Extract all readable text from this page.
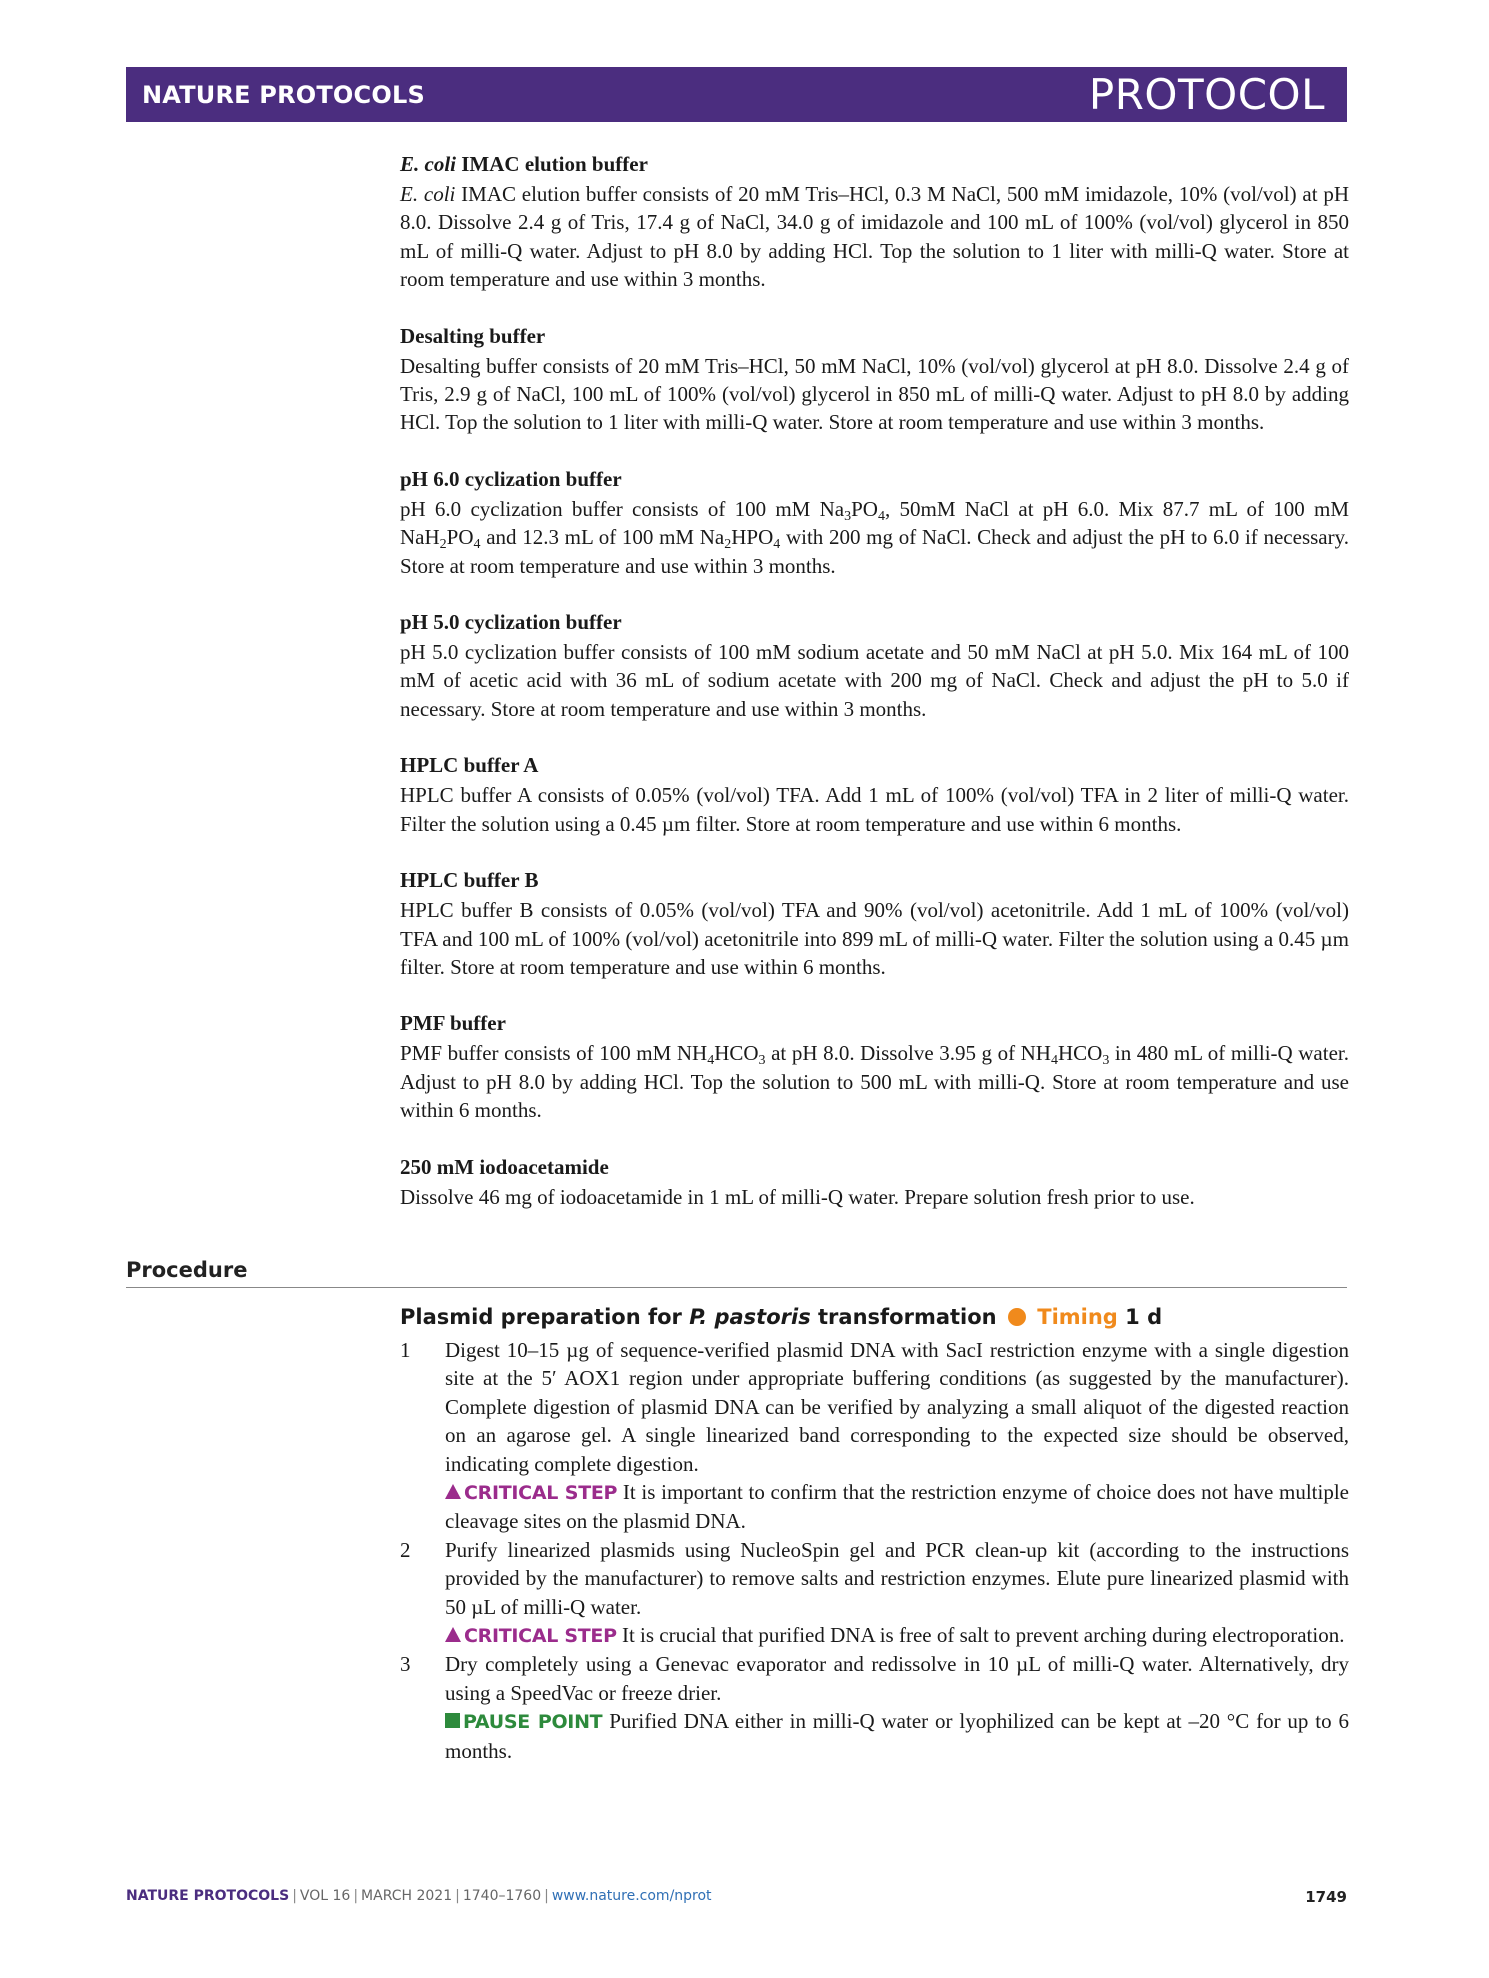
NATURE PROTOCOLS	PROTOCOL
E. coli IMAC elution buffer

E. coli IMAC elution buffer consists of 20 mM Tris–HCl, 0.3 M NaCl, 500 mM imidazole, 10% (vol/vol) at pH 8.0. Dissolve 2.4 g of Tris, 17.4 g of NaCl, 34.0 g of imidazole and 100 mL of 100% (vol/vol) glycerol in 850 mL of milli-Q water. Adjust to pH 8.0 by adding HCl. Top the solution to 1 liter with milli-Q water. Store at room temperature and use within 3 months.

Desalting buffer

Desalting buffer consists of 20 mM Tris–HCl, 50 mM NaCl, 10% (vol/vol) glycerol at pH 8.0. Dissolve 2.4 g of Tris, 2.9 g of NaCl, 100 mL of 100% (vol/vol) glycerol in 850 mL of milli-Q water. Adjust to pH 8.0 by adding HCl. Top the solution to 1 liter with milli-Q water. Store at room temperature and use within 3 months.

pH 6.0 cyclization buffer

pH 6.0 cyclization buffer consists of 100 mM $Na_3PO_4$, 50mM NaCl at pH 6.0. Mix 87.7 mL of 100 mM $NaH_2PO_4$ and 12.3 mL of 100 mM $Na_2HPO_4$ with 200 mg of NaCl. Check and adjust the pH to 6.0 if necessary. Store at room temperature and use within 3 months.

pH 5.0 cyclization buffer

pH 5.0 cyclization buffer consists of 100 mM sodium acetate and 50 mM NaCl at pH 5.0. Mix 164 mL of 100 mM of acetic acid with 36 mL of sodium acetate with 200 mg of NaCl. Check and adjust the pH to 5.0 if necessary. Store at room temperature and use within 3 months.

HPLC buffer A

HPLC buffer A consists of 0.05% (vol/vol) TFA. Add 1 mL of 100% (vol/vol) TFA in 2 liter of milli-Q water. Filter the solution using a 0.45 µm filter. Store at room temperature and use within 6 months.

HPLC buffer B

HPLC buffer B consists of 0.05% (vol/vol) TFA and 90% (vol/vol) acetonitrile. Add 1 mL of 100% (vol/vol) TFA and 100 mL of 100% (vol/vol) acetonitrile into 899 mL of milli-Q water. Filter the solution using a 0.45 µm filter. Store at room temperature and use within 6 months.

PMF buffer

PMF buffer consists of 100 mM $NH_4HCO_3$ at pH 8.0. Dissolve 3.95 g of $NH_4HCO_3$ in 480 mL of milli-Q water. Adjust to pH 8.0 by adding HCl. Top the solution to 500 mL with milli-Q. Store at room temperature and use within 6 months.

250 mM iodoacetamide

Dissolve 46 mg of iodoacetamide in 1 mL of milli-Q water. Prepare solution fresh prior to use.

Procedure
Plasmid preparation for P. pastoris transformation Timing 1 d
1	Digest 10–15 µg of sequence-verified plasmid DNA with SacI restriction enzyme with a single digestion site at the 5′ AOX1 region under appropriate buffering conditions (as suggested by the manufacturer). Complete digestion of plasmid DNA can be verified by analyzing a small aliquot of the digested reaction on an agarose gel. A single linearized band corresponding to the expected size should be observed, indicating complete digestion.

CRITICAL STEP It is important to confirm that the restriction enzyme of choice does not have multiple cleavage sites on the plasmid DNA.

2	Purify linearized plasmids using NucleoSpin gel and PCR clean-up kit (according to the instructions provided by the manufacturer) to remove salts and restriction enzymes. Elute pure linearized plasmid with 50 µL of milli-Q water.

CRITICAL STEP It is crucial that purified DNA is free of salt to prevent arching during electroporation.

3	Dry completely using a Genevac evaporator and redissolve in 10 µL of milli-Q water. Alternatively, dry using a SpeedVac or freeze drier.

PAUSE POINT Purified DNA either in milli-Q water or lyophilized can be kept at –20 °C for up to 6 months.

NATURE PROTOCOLS | VOL 16 | MARCH 2021 | 1740–1760 | www.nature.com/nprot	1749
